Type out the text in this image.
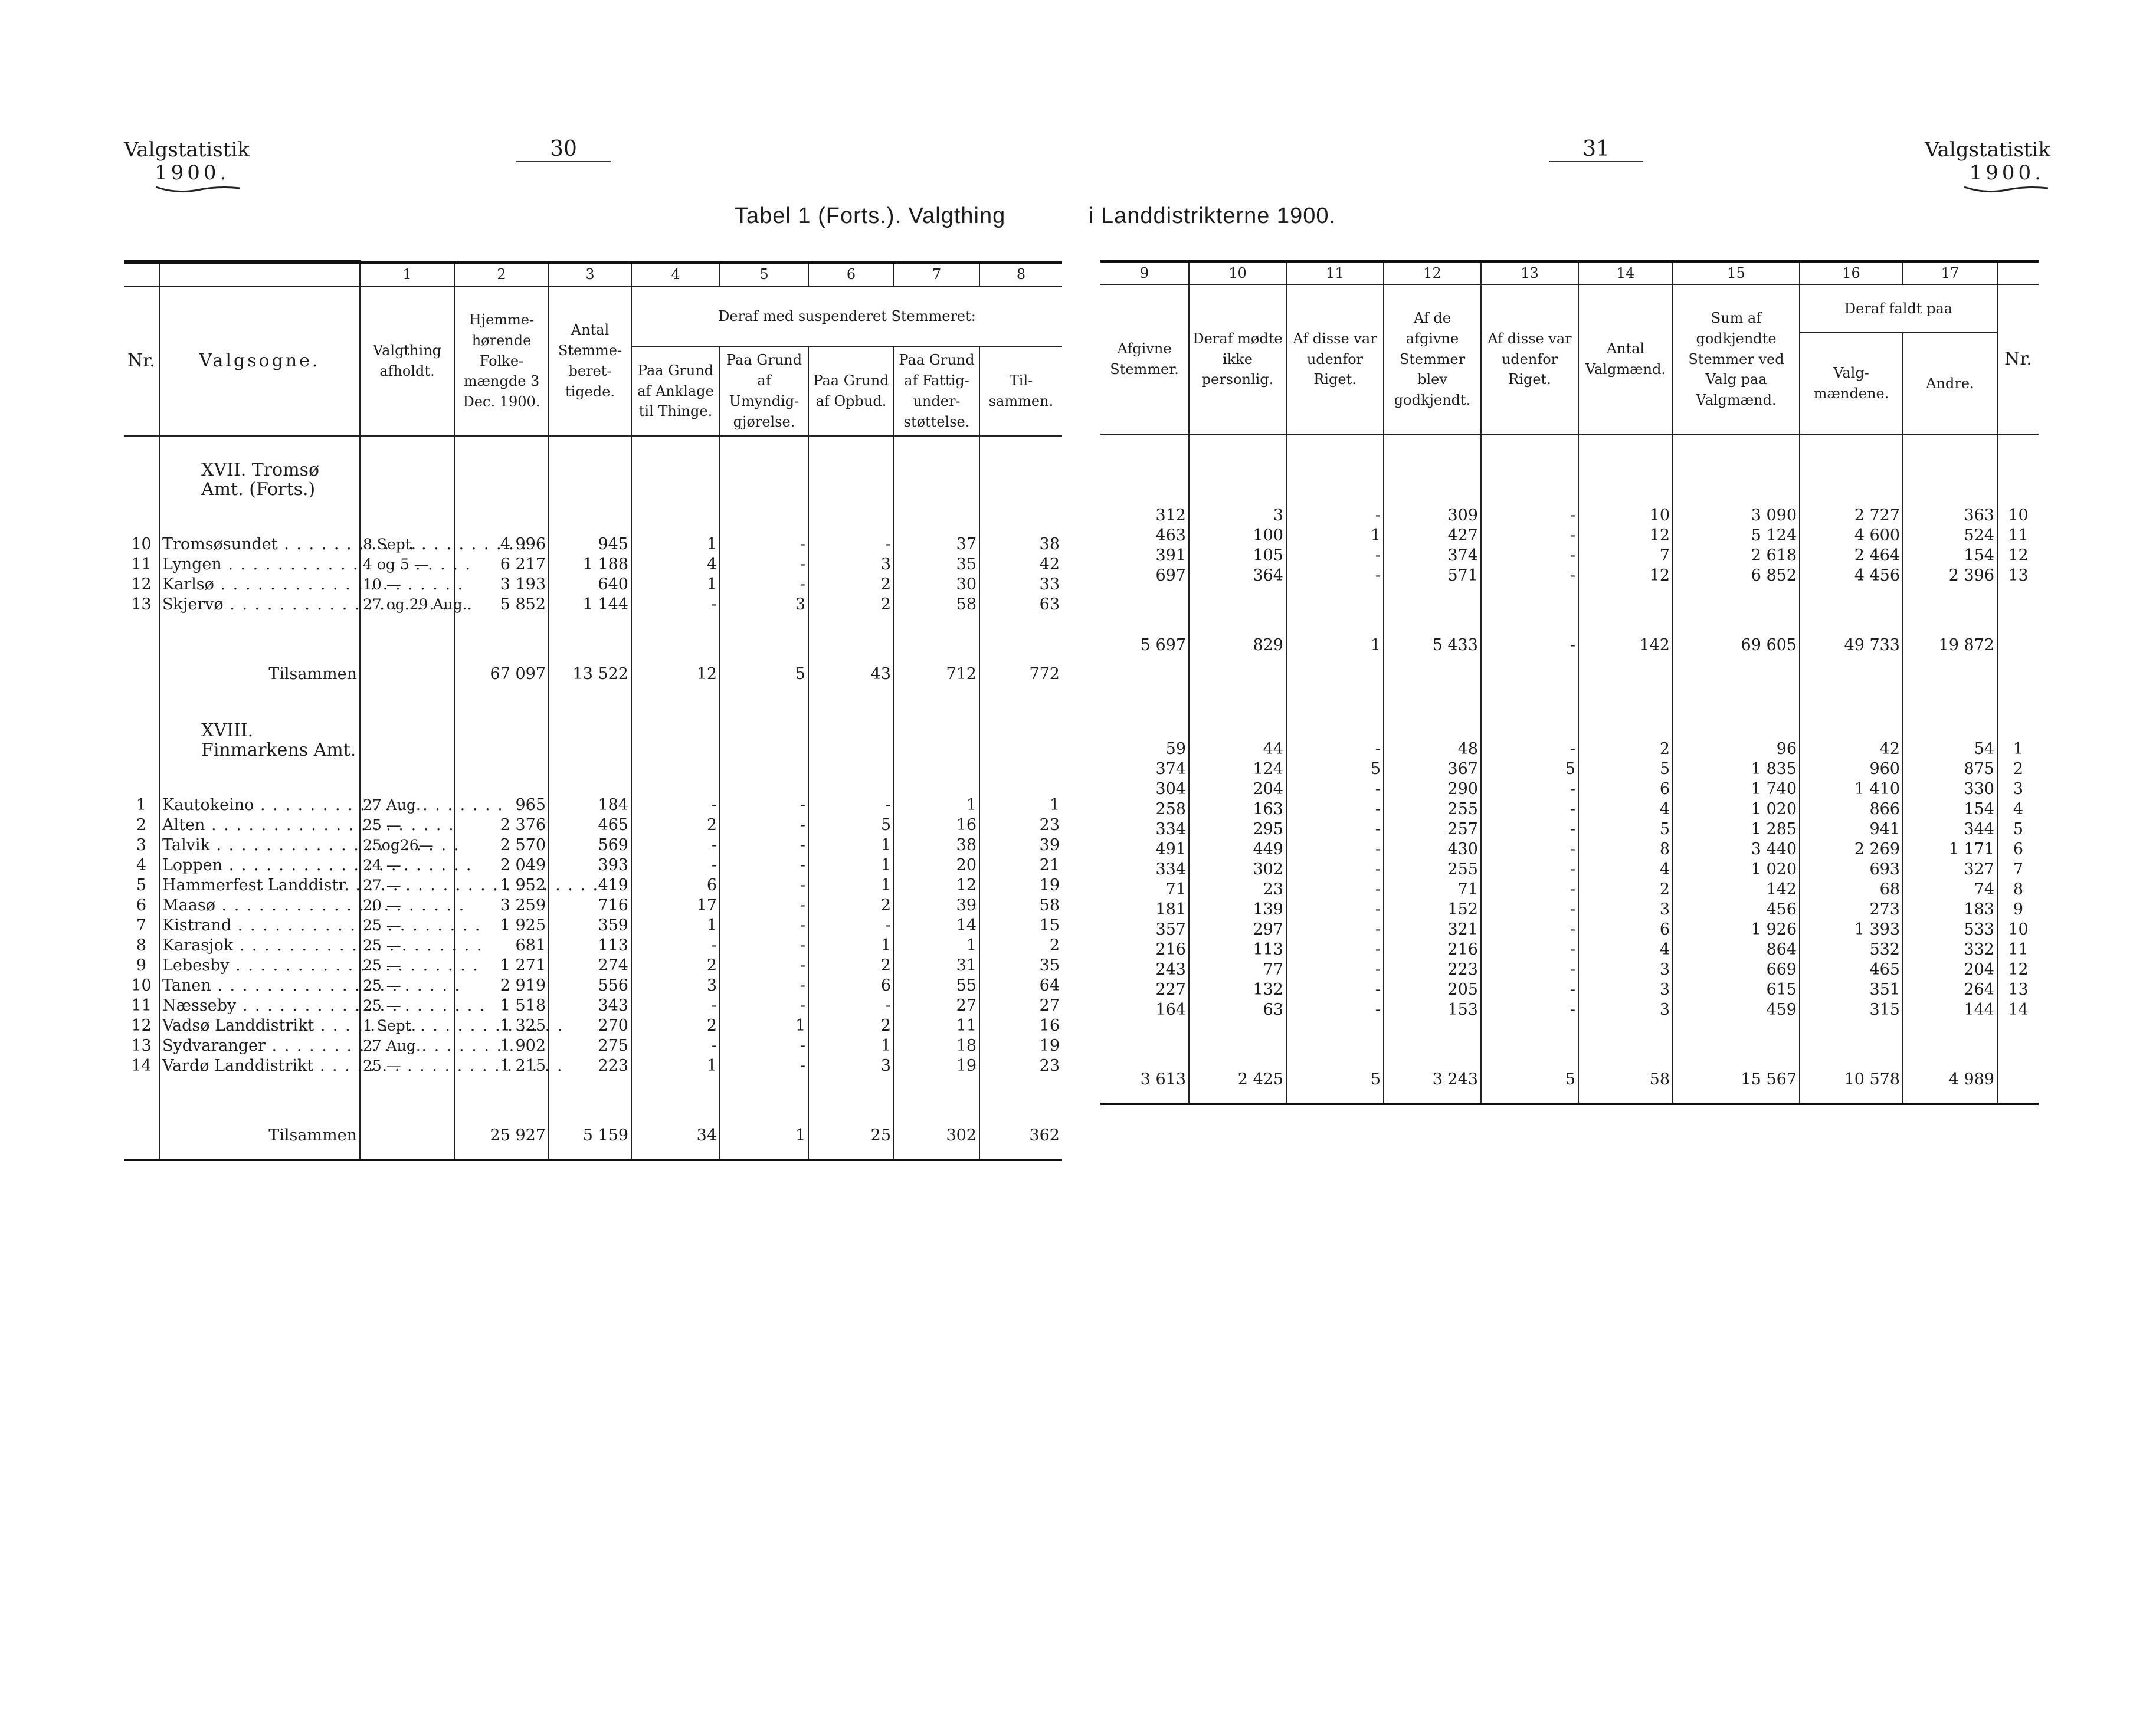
Valgstatistik
1900.
30	31	Valgstatistik
1900.
Tabel 1 (Forts.). Valgthing	i Landdistrikterne 1900.
		1	2	3	4	5	6	7	8
Nr.	Valgsogne.	Valgthing afholdt.	Hjemme-hørende Folke-mængde 3 Dec. 1900.	Antal Stemme-beret-tigede.	Deraf med suspenderet Stemmeret:				
					Paa Grund af Anklage til Thinge.	Paa Grund af Umyndig-gjørelse.	Paa Grund af Opbud.	Paa Grund af Fattig-under-støttelse.	Til-sammen.
	XVII. Tromsø Amt. (Forts.)								

10	Tromsøsundet . . .	8 Sept.	4 996	945	1	-	-	37	38
11	Lyngen . . .	4 og 5 —	6 217	1 188	4	-	3	35	42
12	Karlsø . . .	10 —	3 193	640	1	-	2	30	33
13	Skjervø . . .	27 og 29 Aug.	5 852	1 144	-	3	2	58	63

	Tilsammen		67 097	13 522	12	5	43	712	772
	XVIII. Finmarkens Amt.								

1	Kautokeino . . .	27 Aug.	965	184	-	-	-	1	1
2	Alten . . .	25 —	2 376	465	2	-	5	16	23
3	Talvik . . .	25og26—	2 570	569	-	-	1	38	39
4	Loppen . . .	24 —	2 049	393	-	-	1	20	21
5	Hammerfest Landdistr. . . .	27 —	1 952	419	6	-	1	12	19
6	Maasø . . .	20 —	3 259	716	17	-	2	39	58
7	Kistrand . . .	25 —	1 925	359	1	-	-	14	15
8	Karasjok . . .	25 —	681	113	-	-	1	1	2
9	Lebesby . . .	25 —	1 271	274	2	-	2	31	35
10	Tanen . . .	25 —	2 919	556	3	-	6	55	64
11	Næsseby . . .	25 —	1 518	343	-	-	-	27	27
12	Vadsø Landdistrikt . . .	1 Sept.	1 325	270	2	1	2	11	16
13	Sydvaranger . . .	27 Aug.	1 902	275	-	-	1	18	19
14	Vardø Landdistrikt . . .	25 —	1 215	223	1	-	3	19	23

	Tilsammen		25 927	5 159	34	1	25	302	362
9	10	11	12	13	14	15	16	17	
Afgivne Stemmer.	Deraf mødte ikke personlig.	Af disse var udenfor Riget.	Af de afgivne Stemmer blev godkjendt.	Af disse var udenfor Riget.	Antal Valgmænd.	Sum af godkjendte Stemmer ved Valg paa Valgmænd.	Deraf faldt paa		Nr.
							Valg-mændene.	Andre.	

312	3	-	309	-	10	3 090	2 727	363	10
463	100	1	427	-	12	5 124	4 600	524	11
391	105	-	374	-	7	2 618	2 464	154	12
697	364	-	571	-	12	6 852	4 456	2 396	13

5 697	829	1	5 433	-	142	69 605	49 733	19 872	

59	44	-	48	-	2	96	42	54	1
374	124	5	367	5	5	1 835	960	875	2
304	204	-	290	-	6	1 740	1 410	330	3
258	163	-	255	-	4	1 020	866	154	4
334	295	-	257	-	5	1 285	941	344	5
491	449	-	430	-	8	3 440	2 269	1 171	6
334	302	-	255	-	4	1 020	693	327	7
71	23	-	71	-	2	142	68	74	8
181	139	-	152	-	3	456	273	183	9
357	297	-	321	-	6	1 926	1 393	533	10
216	113	-	216	-	4	864	532	332	11
243	77	-	223	-	3	669	465	204	12
227	132	-	205	-	3	615	351	264	13
164	63	-	153	-	3	459	315	144	14

3 613	2 425	5	3 243	5	58	15 567	10 578	4 989	
